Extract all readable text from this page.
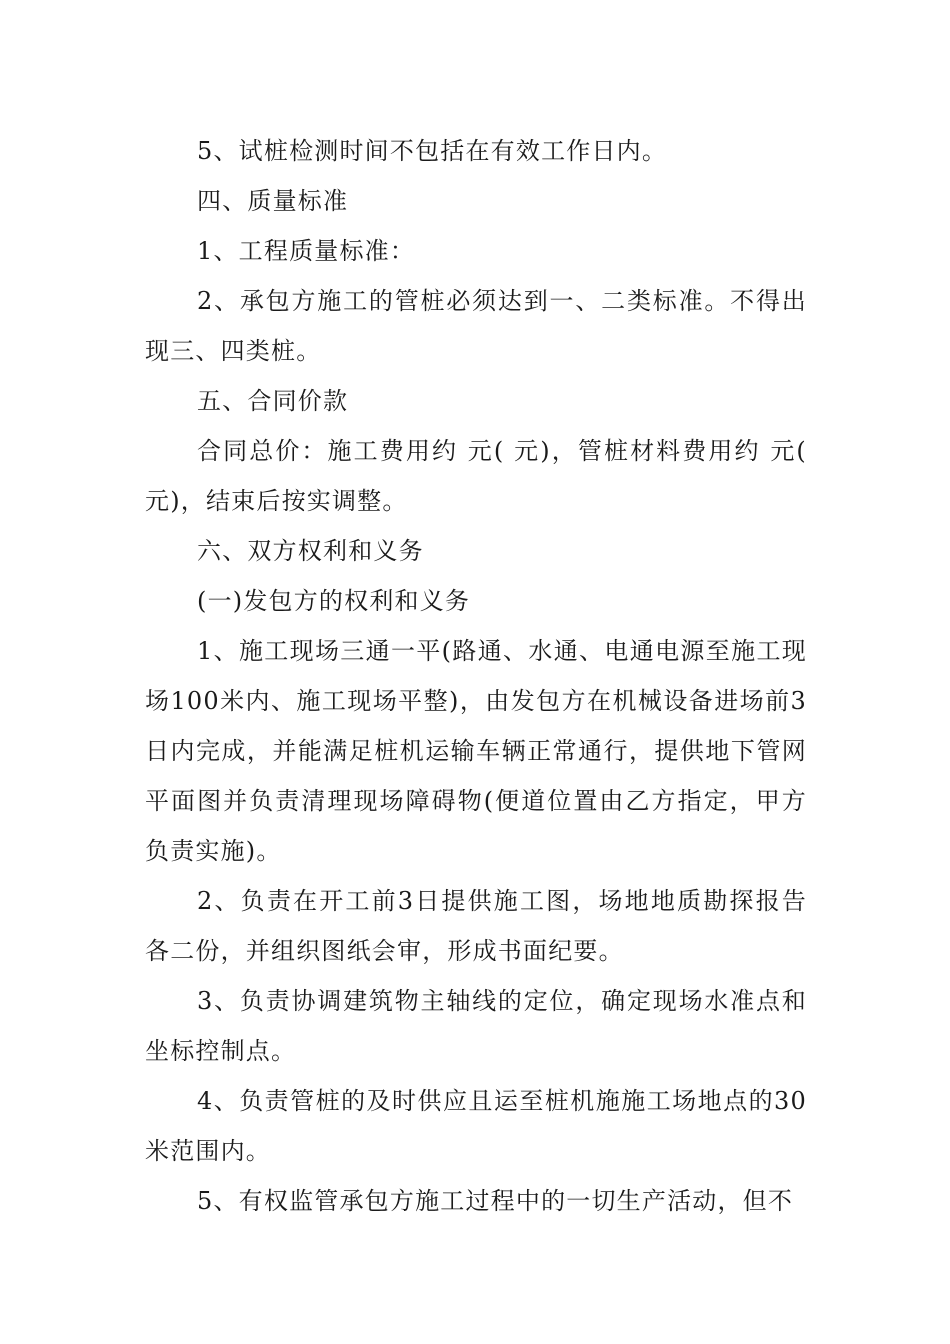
5、试桩检测时间不包括在有效工作日内。

四、质量标准

1、工程质量标准：

2、承包方施工的管桩必须达到一、二类标准。不得出现三、四类桩。

五、合同价款

合同总价：施工费用约 元( 元)，管桩材料费用约 元( 元)，结束后按实调整。

六、双方权利和义务

(一)发包方的权利和义务

1、施工现场三通一平(路通、水通、电通电源至施工现场100米内、施工现场平整)，由发包方在机械设备进场前3日内完成，并能满足桩机运输车辆正常通行，提供地下管网平面图并负责清理现场障碍物(便道位置由乙方指定，甲方负责实施)。

2、负责在开工前3日提供施工图，场地地质勘探报告各二份，并组织图纸会审，形成书面纪要。

3、负责协调建筑物主轴线的定位，确定现场水准点和坐标控制点。

4、负责管桩的及时供应且运至桩机施施工场地点的30米范围内。

5、有权监管承包方施工过程中的一切生产活动，但不
